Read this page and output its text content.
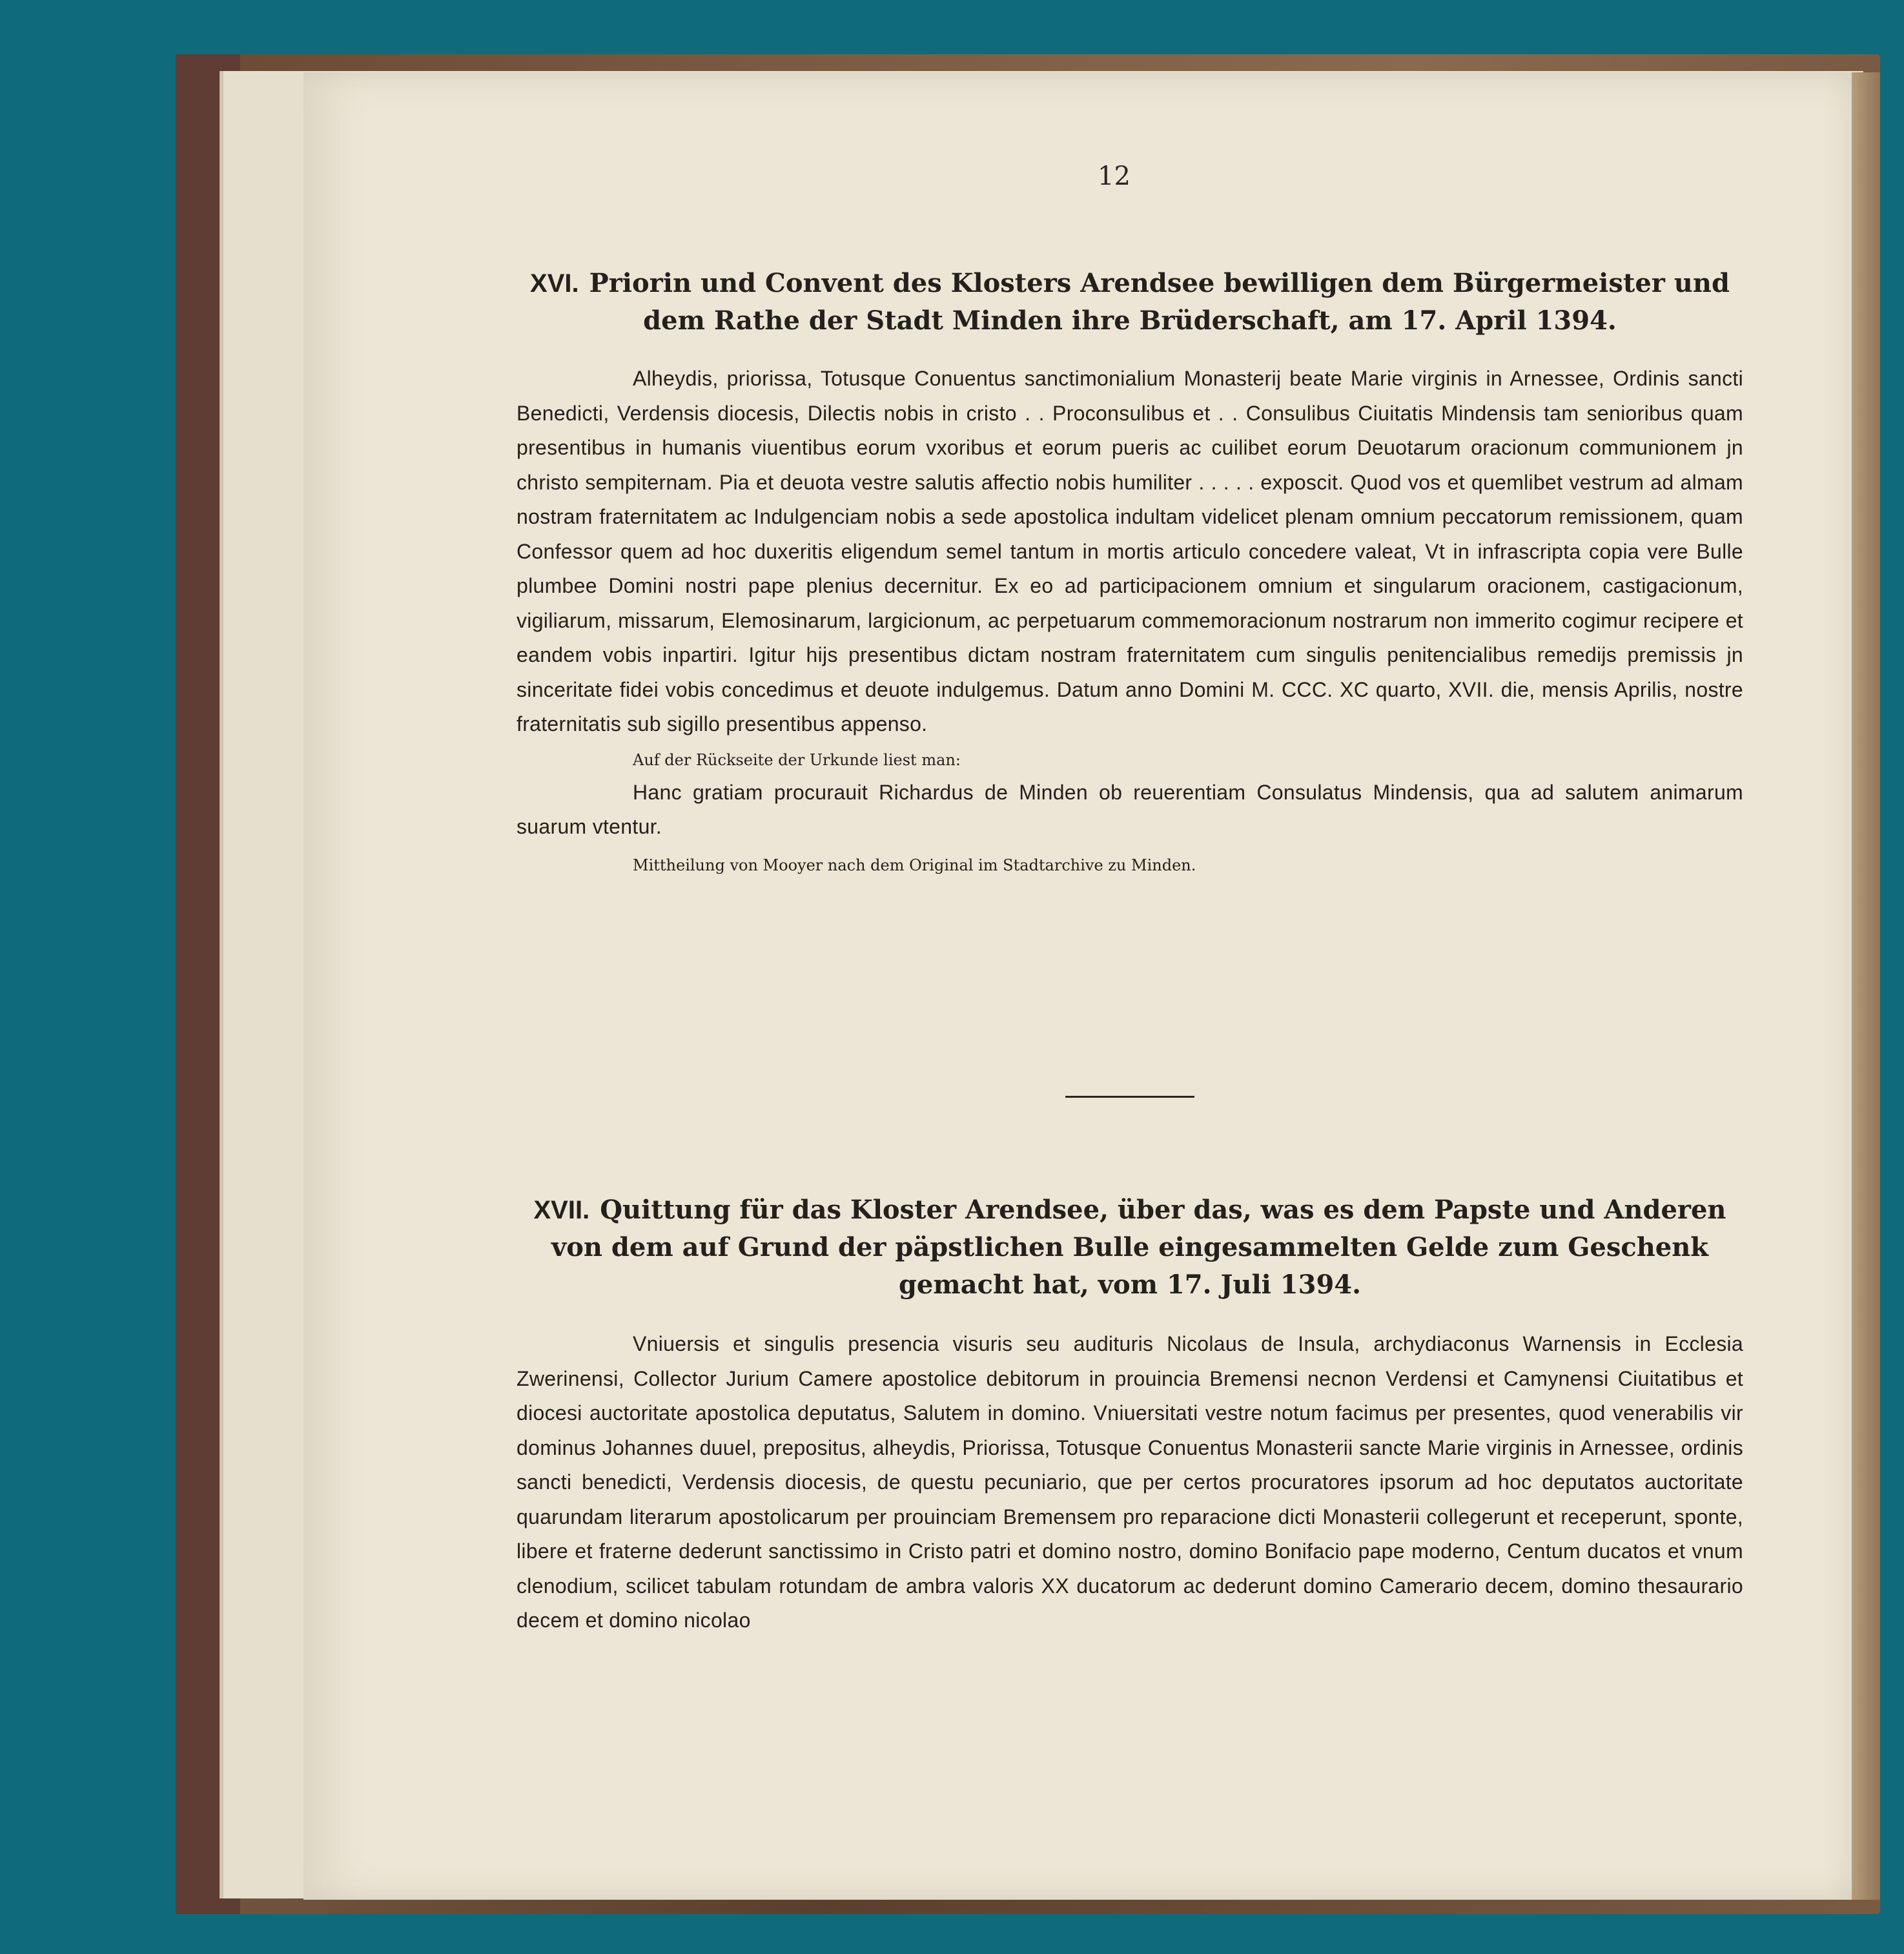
12

XVI. Priorin und Convent des Klosters Arendsee bewilligen dem Bürgermeister und dem Rathe der Stadt Minden ihre Brüderschaft, am 17. April 1394.

Alheydis, priorissa, Totusque Conuentus sanctimonialium Monasterij beate Marie virginis in Arnessee, Ordinis sancti Benedicti, Verdensis diocesis, Dilectis nobis in cristo . . Proconsulibus et . . Consulibus Ciuitatis Mindensis tam senioribus quam presentibus in humanis viuentibus eorum vxoribus et eorum pueris ac cuilibet eorum Deuotarum oracionum communionem jn christo sempiternam. Pia et deuota vestre salutis affectio nobis humiliter . . . . . exposcit. Quod vos et quemlibet vestrum ad almam nostram fraternitatem ac Indulgenciam nobis a sede apostolica indultam videlicet plenam omnium peccatorum remissionem, quam Confessor quem ad hoc duxeritis eligendum semel tantum in mortis articulo concedere valeat, Vt in infrascripta copia vere Bulle plumbee Domini nostri pape plenius decernitur. Ex eo ad participacionem omnium et singularum oracionem, castigacionum, vigiliarum, missarum, Elemosinarum, largicionum, ac perpetuarum commemoracionum nostrarum non immerito cogimur recipere et eandem vobis inpartiri. Igitur hijs presentibus dictam nostram fraternitatem cum singulis penitencialibus remedijs premissis jn sinceritate fidei vobis concedimus et deuote indulgemus. Datum anno Domini M. CCC. XC quarto, XVII. die, mensis Aprilis, nostre fraternitatis sub sigillo presentibus appenso.

Auf der Rückseite der Urkunde liest man:

Hanc gratiam procurauit Richardus de Minden ob reuerentiam Consulatus Mindensis, qua ad salutem animarum suarum vtentur.

Mittheilung von Mooyer nach dem Original im Stadtarchive zu Minden.

XVII. Quittung für das Kloster Arendsee, über das, was es dem Papste und Anderen von dem auf Grund der päpstlichen Bulle eingesammelten Gelde zum Geschenk gemacht hat, vom 17. Juli 1394.

Vniuersis et singulis presencia visuris seu audituris Nicolaus de Insula, archydiaconus Warnensis in Ecclesia Zwerinensi, Collector Jurium Camere apostolice debitorum in prouincia Bremensi necnon Verdensi et Camynensi Ciuitatibus et diocesi auctoritate apostolica deputatus, Salutem in domino. Vniuersitati vestre notum facimus per presentes, quod venerabilis vir dominus Johannes duuel, prepositus, alheydis, Priorissa, Totusque Conuentus Monasterii sancte Marie virginis in Arnessee, ordinis sancti benedicti, Verdensis diocesis, de questu pecuniario, que per certos procuratores ipsorum ad hoc deputatos auctoritate quarundam literarum apostolicarum per prouinciam Bremensem pro reparacione dicti Monasterii collegerunt et receperunt, sponte, libere et fraterne dederunt sanctissimo in Cristo patri et domino nostro, domino Bonifacio pape moderno, Centum ducatos et vnum clenodium, scilicet tabulam rotundam de ambra valoris XX ducatorum ac dederunt domino Camerario decem, domino thesaurario decem et domino nicolao
